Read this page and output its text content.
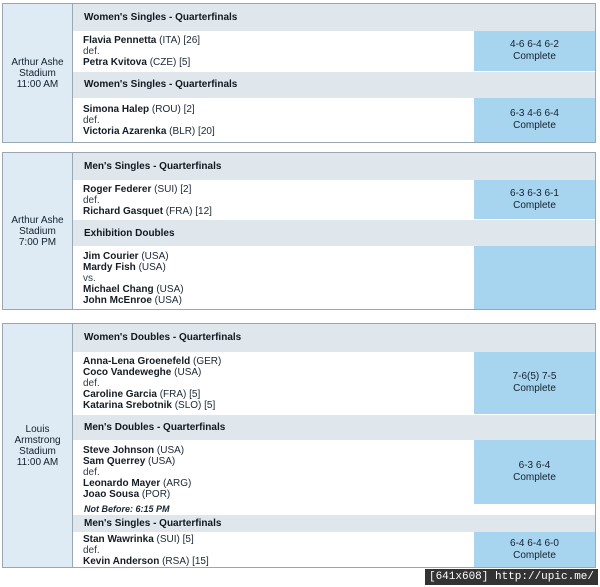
Arthur Ashe
Stadium
11:00 AM
Women's Singles - Quarterfinals
Flavia Pennetta (ITA) [26]
def.
Petra Kvitova (CZE) [5]
4-6 6-4 6-2
Complete
Women's Singles - Quarterfinals
Simona Halep (ROU) [2]
def.
Victoria Azarenka (BLR) [20]
6-3 4-6 6-4
Complete
Arthur Ashe
Stadium
7:00 PM
Men's Singles - Quarterfinals
Roger Federer (SUI) [2]
def.
Richard Gasquet (FRA) [12]
6-3 6-3 6-1
Complete
Exhibition Doubles
Jim Courier (USA)
Mardy Fish (USA)
vs.
Michael Chang (USA)
John McEnroe (USA)
Louis
Armstrong
Stadium
11:00 AM
Women's Doubles - Quarterfinals
Anna-Lena Groenefeld (GER)
Coco Vandeweghe (USA)
def.
Caroline Garcia (FRA) [5]
Katarina Srebotnik (SLO) [5]
7-6(5) 7-5
Complete
Men's Doubles - Quarterfinals
Steve Johnson (USA)
Sam Querrey (USA)
def.
Leonardo Mayer (ARG)
Joao Sousa (POR)
6-3 6-4
Complete
Not Before: 6:15 PM
Men's Singles - Quarterfinals
Stan Wawrinka (SUI) [5]
def.
Kevin Anderson (RSA) [15]
6-4 6-4 6-0
Complete
[641x608] http://upic.me/
